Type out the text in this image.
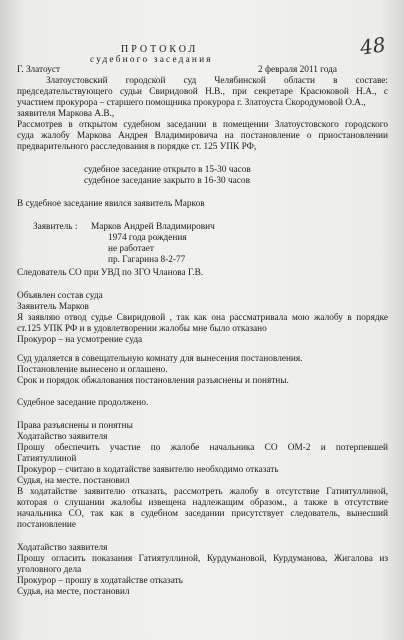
48
ПРОТОКОЛ
судебного заседания
Г. Златоуст	2 февраля 2011 года
Златоустовский городской суд Челябинской области в составе:
председательствующего судьи Свиридовой Н.В., при секретаре Красюковой Н.А., с
участием прокурора – старшего помощника прокурора г. Златоуста Скородумовой О.А.,
заявителя Маркова А.В.,
Рассмотрев в открытом судебном заседании в помещении Златоустовского городского
суда жалобу Маркова Андрея Владимировича на постановление о приостановлении
предварительного расследования в порядке ст. 125 УПК РФ,
судебное заседание открыто в 15-30 часов
судебное заседание закрыто в 16-30 часов
В судебное заседание явился заявитель Марков
Заявитель : Марков Андрей Владимирович
1974 года рождения
не работает
пр. Гагарина 8-2-77
Следователь СО при УВД по ЗГО Чланова Г.В.
Объявлен состав суда
Заявитель Марков
Я заявляю отвод судье Свиридовой , так как она рассматривала мою жалобу в порядке
ст.125 УПК РФ и в удовлетворении жалобы мне было отказано
Прокурор – на усмотрение суда
Суд удаляется в совещательную комнату для вынесения постановления.
Постановление вынесено и оглашено.
Срок и порядок обжалования постановления разъяснены и понятны.
Судебное заседание продолжено.
Права разъяснены и понятны
Ходатайство заявителя
Прошу обеспечить участие по жалобе начальника СО ОМ-2 и потерпевшей
Гатиятуллиной
Прокурор – считаю в ходатайстве заявителю необходимо отказать
Судья, на месте. постановил
В ходатайстве заявителю отказать, рассмотреть жалобу в отсутствие Гатиятуллиной,
которая о слушании жалобы извещена надлежащим образом., а также в отсутствие
начальника СО, так как в судебном заседании присутствует следователь, вынесший
постановление
Ходатайство заявителя
Прошу огласить показания Гатиятуллиной, Курдумановой, Курдуманова, Жигалова из
уголовного дела
Прокурор – прошу в ходатайстве отказать
Судья, на месте, постановил
